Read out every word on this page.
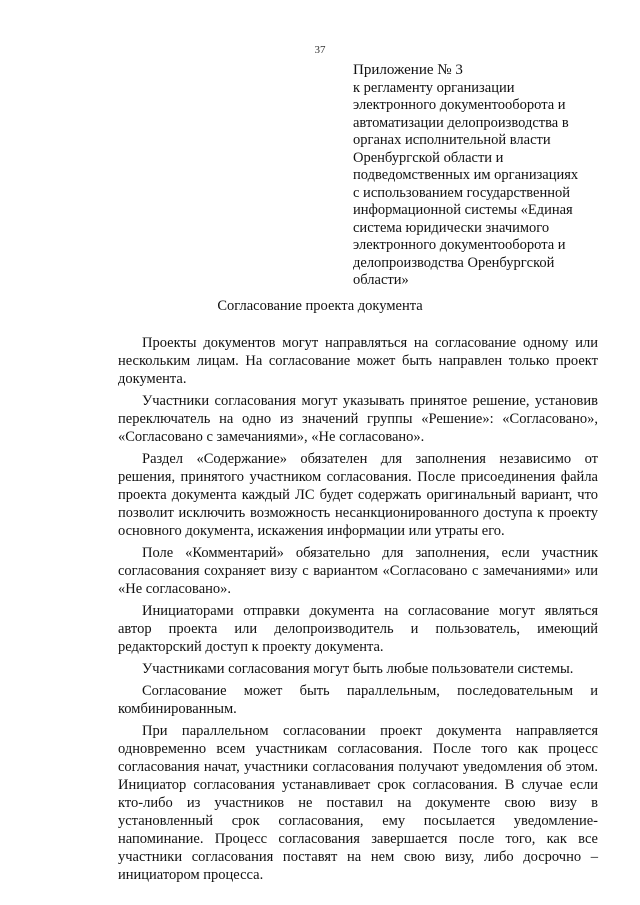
37
Приложение № 3
к регламенту организации
электронного документооборота и
автоматизации делопроизводства в
органах исполнительной власти
Оренбургской области и
подведомственных им организациях
с использованием государственной
информационной системы «Единая
система юридически значимого
электронного документооборота и
делопроизводства Оренбургской
области»
Согласование проекта документа

Проекты документов могут направляться на согласование одному или нескольким лицам. На согласование может быть направлен только проект документа.

Участники согласования могут указывать принятое решение, установив переключатель на одно из значений группы «Решение»: «Согласовано», «Согласовано с замечаниями», «Не согласовано».

Раздел «Содержание» обязателен для заполнения независимо от решения, принятого участником согласования. После присоединения файла проекта документа каждый ЛС будет содержать оригинальный вариант, что позволит исключить возможность несанкционированного доступа к проекту основного документа, искажения информации или утраты его.

Поле «Комментарий» обязательно для заполнения, если участник согласования сохраняет визу с вариантом «Согласовано с замечаниями» или «Не согласовано».

Инициаторами отправки документа на согласование могут являться автор проекта или делопроизводитель и пользователь, имеющий редакторский доступ к проекту документа.

Участниками согласования могут быть любые пользователи системы.

Согласование может быть параллельным, последовательным и комбинированным.

При параллельном согласовании проект документа направляется одновременно всем участникам согласования. После того как процесс согласования начат, участники согласования получают уведомления об этом. Инициатор согласования устанавливает срок согласования. В случае если кто-либо из участников не поставил на документе свою визу в установленный срок согласования, ему посылается уведомление-напоминание. Процесс согласования завершается после того, как все участники согласования поставят на нем свою визу, либо досрочно – инициатором процесса.
